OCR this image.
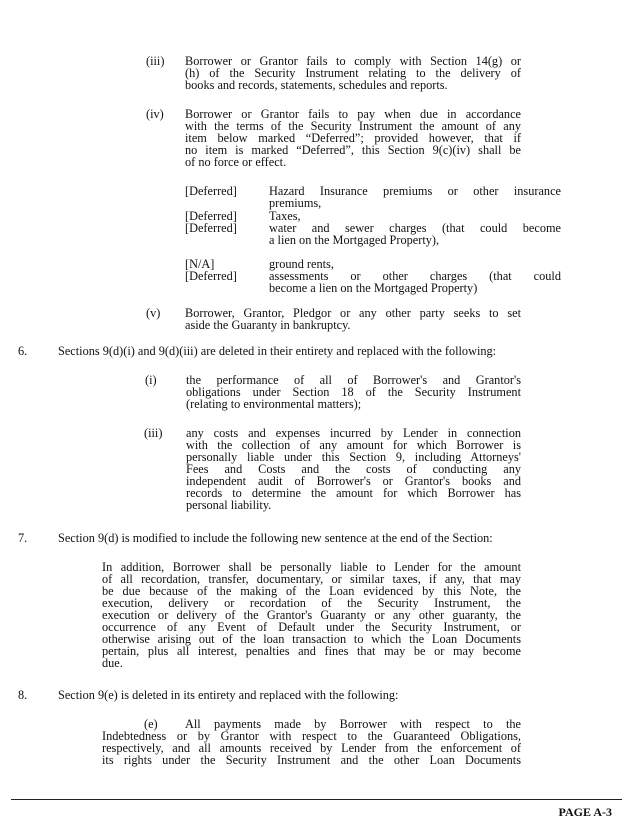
(iii) Borrower or Grantor fails to comply with Section 14(g) or
(h) of the Security Instrument relating to the delivery of
books and records, statements, schedules and reports.
(iv) Borrower or Grantor fails to pay when due in accordance
with the terms of the Security Instrument the amount of any
item below marked “Deferred”; provided however, that if
no item is marked “Deferred”, this Section 9(c)(iv) shall be
of no force or effect.
[Deferred]	Hazard Insurance premiums or other insurance
premiums,
[Deferred]	Taxes,
[Deferred]	water and sewer charges (that could become
a lien on the Mortgaged Property),
[N/A]	ground rents,
[Deferred]	assessments or other charges (that could
become a lien on the Mortgaged Property)
(v) Borrower, Grantor, Pledgor or any other party seeks to set
aside the Guaranty in bankruptcy.
6.	Sections 9(d)(i) and 9(d)(iii) are deleted in their entirety and replaced with the following:
(i) the performance of all of Borrower's and Grantor's
obligations under Section 18 of the Security Instrument
(relating to environmental matters);
(iii) any costs and expenses incurred by Lender in connection
with the collection of any amount for which Borrower is
personally liable under this Section 9, including Attorneys'
Fees and Costs and the costs of conducting any
independent audit of Borrower's or Grantor's books and
records to determine the amount for which Borrower has
personal liability.
7.	Section 9(d) is modified to include the following new sentence at the end of the Section:
In addition, Borrower shall be personally liable to Lender for the amount
of all recordation, transfer, documentary, or similar taxes, if any, that may
be due because of the making of the Loan evidenced by this Note, the
execution, delivery or recordation of the Security Instrument, the
execution or delivery of the Grantor's Guaranty or any other guaranty, the
occurrence of any Event of Default under the Security Instrument, or
otherwise arising out of the loan transaction to which the Loan Documents
pertain, plus all interest, penalties and fines that may be or may become
due.
8.	Section 9(e) is deleted in its entirety and replaced with the following:
(e) All payments made by Borrower with respect to the
Indebtedness or by Grantor with respect to the Guaranteed Obligations,
respectively, and all amounts received by Lender from the enforcement of
its rights under the Security Instrument and the other Loan Documents
PAGE A-3
